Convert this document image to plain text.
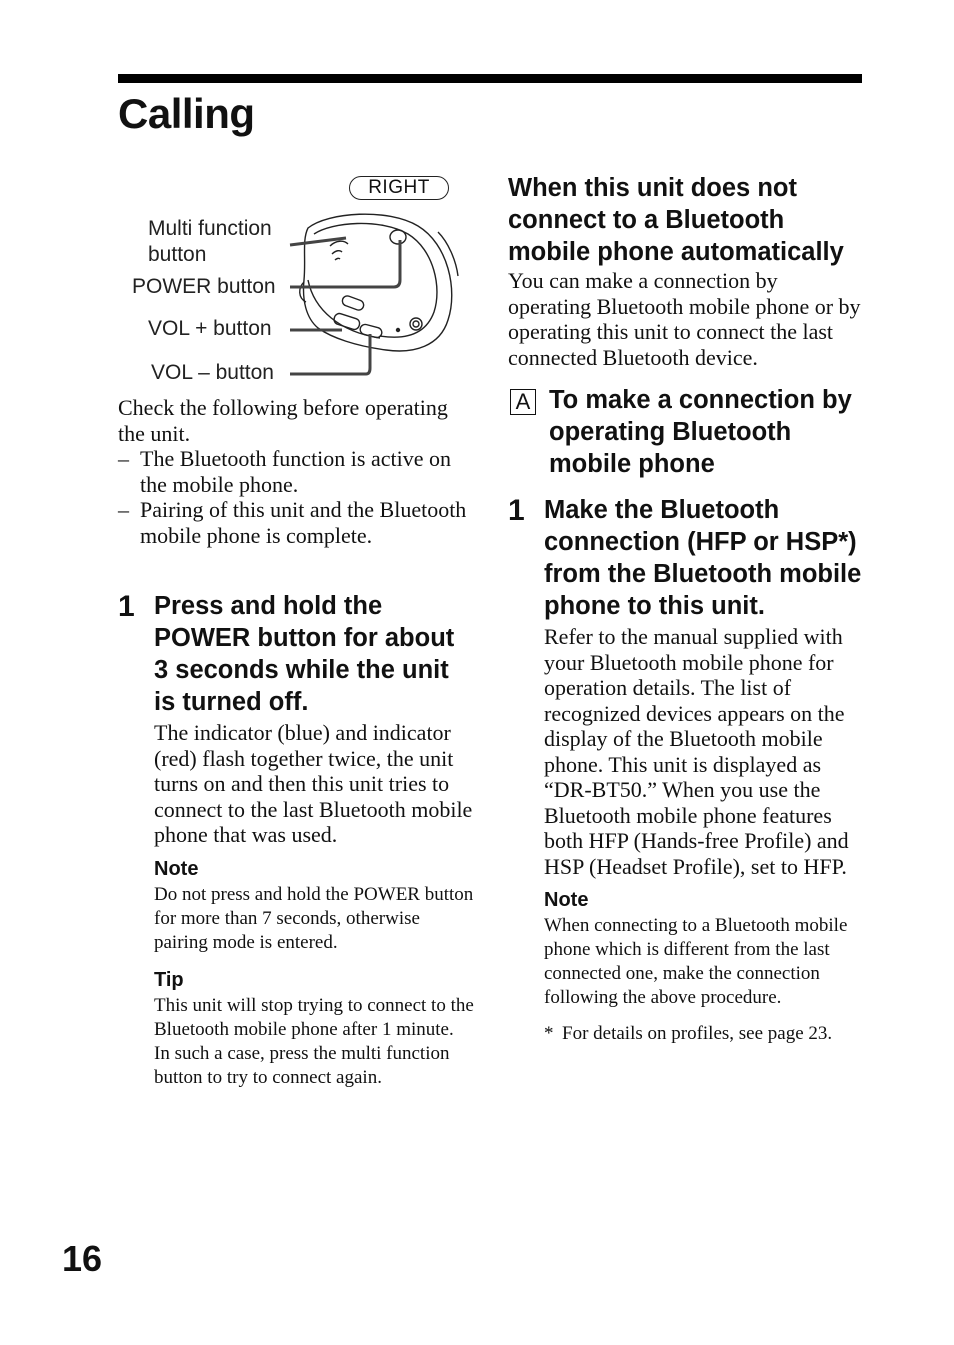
Calling
RIGHT
Multi function
button
POWER button
VOL + button
VOL – button

Check the following before operating the unit.

– The Bluetooth function is active on the mobile phone.
– Pairing of this unit and the Bluetooth mobile phone is complete.
1 Press and hold the POWER button for about 3 seconds while the unit is turned off.

The indicator (blue) and indicator (red) flash together twice, the unit turns on and then this unit tries to connect to the last Bluetooth mobile phone that was used.

Note

Do not press and hold the POWER button for more than 7 seconds, otherwise pairing mode is entered.

Tip

This unit will stop trying to connect to the Bluetooth mobile phone after 1 minute. In such a case, press the multi function button to try to connect again.

When this unit does not connect to a Bluetooth mobile phone automatically

You can make a connection by operating Bluetooth mobile phone or by operating this unit to connect the last connected Bluetooth device.

A To make a connection by operating Bluetooth mobile phone
1 Make the Bluetooth connection (HFP or HSP*) from the Bluetooth mobile phone to this unit.

Refer to the manual supplied with your Bluetooth mobile phone for operation details. The list of recognized devices appears on the display of the Bluetooth mobile phone. This unit is displayed as “DR-BT50.” When you use the Bluetooth mobile phone features both HFP (Hands-free Profile) and HSP (Headset Profile), set to HFP.

Note

When connecting to a Bluetooth mobile phone which is different from the last connected one, make the connection following the above procedure.

* For details on profiles, see page 23.
16
